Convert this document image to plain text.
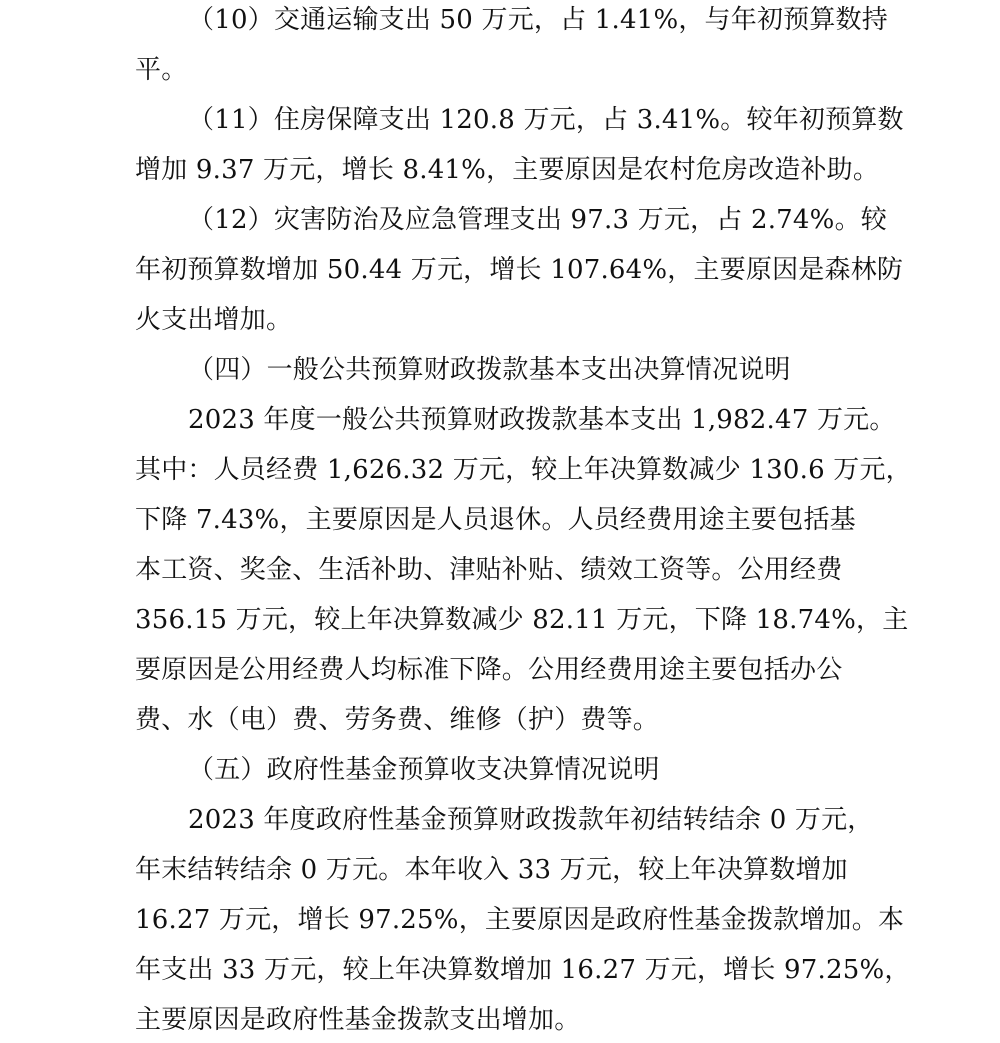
（10）交通运输支出 50 万元，占 1.41%，与年初预算数持
平。
（11）住房保障支出 120.8 万元，占 3.41%。较年初预算数
增加 9.37 万元，增长 8.41%，主要原因是农村危房改造补助。
（12）灾害防治及应急管理支出 97.3 万元，占 2.74%。较
年初预算数增加 50.44 万元，增长 107.64%，主要原因是森林防
火支出增加。
（四）一般公共预算财政拨款基本支出决算情况说明
2023 年度一般公共预算财政拨款基本支出 1,982.47 万元。
其中：人员经费 1,626.32 万元，较上年决算数减少 130.6 万元，
下降 7.43%，主要原因是人员退休。人员经费用途主要包括基
本工资、奖金、生活补助、津贴补贴、绩效工资等。公用经费
356.15 万元，较上年决算数减少 82.11 万元，下降 18.74%，主
要原因是公用经费人均标准下降。公用经费用途主要包括办公
费、水（电）费、劳务费、维修（护）费等。
（五）政府性基金预算收支决算情况说明
2023 年度政府性基金预算财政拨款年初结转结余 0 万元，
年末结转结余 0 万元。本年收入 33 万元，较上年决算数增加
16.27 万元，增长 97.25%，主要原因是政府性基金拨款增加。本
年支出 33 万元，较上年决算数增加 16.27 万元，增长 97.25%，
主要原因是政府性基金拨款支出增加。
